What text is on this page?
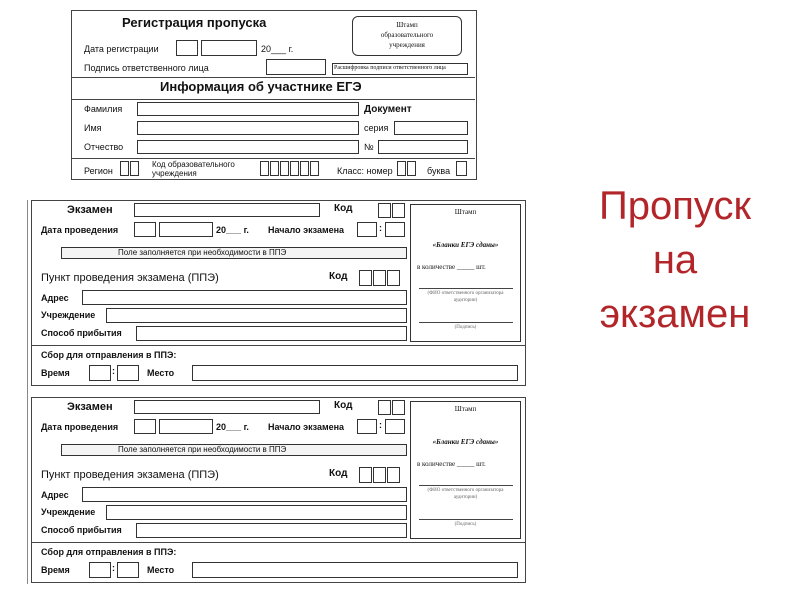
Регистрация пропуска
Дата регистрации	20___ г.
Подпись ответственного лица
Штамп
образовательного
учреждения
Расшифровка подписи ответственного лица
Информация об участнике ЕГЭ
Фамилия
Имя
Отчество
Документ
серия
№
Регион
Код образовательного
учреждения	Класс: номер	буква
Экзамен	Код
Дата проведения	20___ г. Начало экзамена	:
Поле заполняется при необходимости в ППЭ
Пункт проведения экзамена (ППЭ)	Код
Адрес
Учреждение
Способ прибытия
Сбор для отправления в ППЭ:
Время	:	Место
Штамп
«Бланки ЕГЭ сданы»
в количестве _____ шт.
(ФИО ответственного организатора
аудитории)
(Подпись)
Экзамен	Код
Дата проведения	20___ г. Начало экзамена	:
Поле заполняется при необходимости в ППЭ
Пункт проведения экзамена (ППЭ)	Код
Адрес
Учреждение
Способ прибытия
Сбор для отправления в ППЭ:
Время	:	Место
Штамп
«Бланки ЕГЭ сданы»
в количестве _____ шт.
(ФИО ответственного организатора
аудитории)
(Подпись)
Пропуск
на
экзамен
